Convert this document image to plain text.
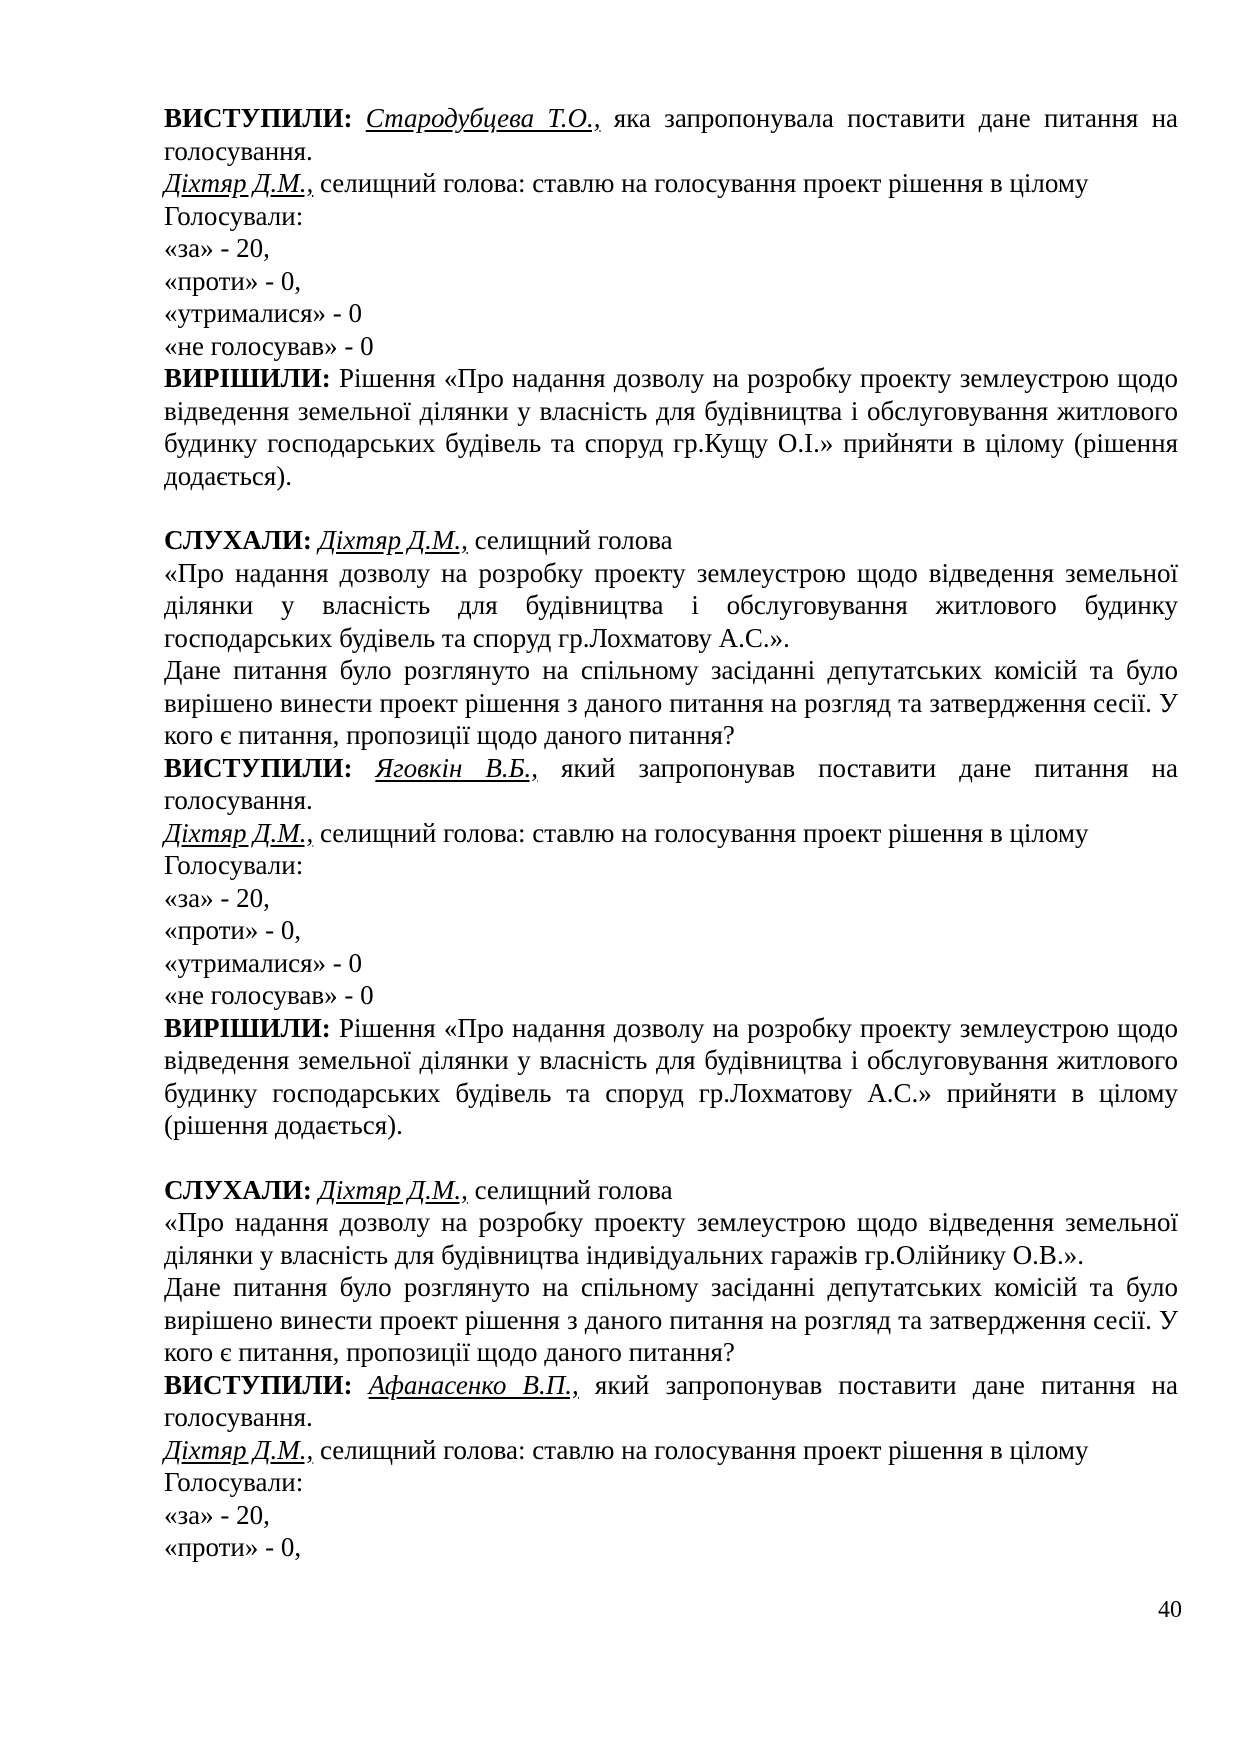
ВИСТУПИЛИ: Стародубцева Т.О., яка запропонувала поставити дане питання на голосування.

Діхтяр Д.М., селищний голова: ставлю на голосування проект рішення в цілому

Голосували:

«за» - 20,

«проти» - 0,

«утрималися» - 0

«не голосував» - 0

ВИРІШИЛИ: Рішення «Про надання дозволу на розробку проекту землеустрою щодо відведення земельної ділянки у власність для будівництва і обслуговування житлового будинку господарських будівель та споруд гр.Кущу О.І.» прийняти в цілому (рішення додається).

СЛУХАЛИ: Діхтяр Д.М., селищний голова

«Про надання дозволу на розробку проекту землеустрою щодо відведення земельної ділянки у власність для будівництва і обслуговування житлового будинку господарських будівель та споруд гр.Лохматову А.С.».

Дане питання було розглянуто на спільному засіданні депутатських комісій та було вирішено винести проект рішення з даного питання на розгляд та затвердження сесії. У кого є питання, пропозиції щодо даного питання?

ВИСТУПИЛИ: Яговкін В.Б., який запропонував поставити дане питання на голосування.

Діхтяр Д.М., селищний голова: ставлю на голосування проект рішення в цілому

Голосували:

«за» - 20,

«проти» - 0,

«утрималися» - 0

«не голосував» - 0

ВИРІШИЛИ: Рішення «Про надання дозволу на розробку проекту землеустрою щодо відведення земельної ділянки у власність для будівництва і обслуговування житлового будинку господарських будівель та споруд гр.Лохматову А.С.» прийняти в цілому (рішення додається).

СЛУХАЛИ: Діхтяр Д.М., селищний голова

«Про надання дозволу на розробку проекту землеустрою щодо відведення земельної ділянки у власність для будівництва індивідуальних гаражів гр.Олійнику О.В.».

Дане питання було розглянуто на спільному засіданні депутатських комісій та було вирішено винести проект рішення з даного питання на розгляд та затвердження сесії. У кого є питання, пропозиції щодо даного питання?

ВИСТУПИЛИ: Афанасенко В.П., який запропонував поставити дане питання на голосування.

Діхтяр Д.М., селищний голова: ставлю на голосування проект рішення в цілому

Голосували:

«за» - 20,

«проти» - 0,

40
